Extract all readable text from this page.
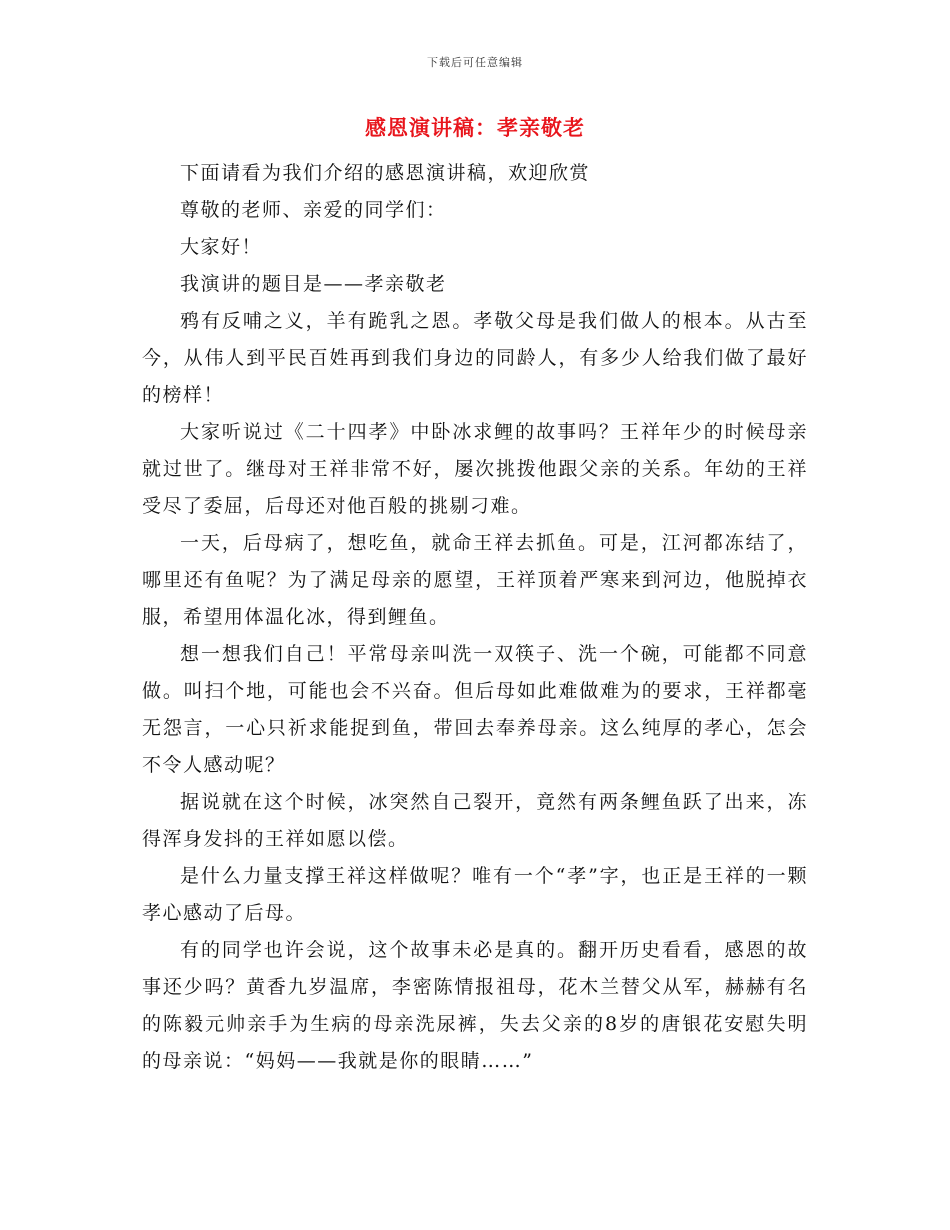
下载后可任意编辑
感恩演讲稿：孝亲敬老

下面请看为我们介绍的感恩演讲稿，欢迎欣赏

尊敬的老师、亲爱的同学们：

大家好！

我演讲的题目是——孝亲敬老

鸦有反哺之义，羊有跪乳之恩。孝敬父母是我们做人的根本。从古至今，从伟人到平民百姓再到我们身边的同龄人，有多少人给我们做了最好的榜样！

大家听说过《二十四孝》中卧冰求鲤的故事吗？王祥年少的时候母亲就过世了。继母对王祥非常不好，屡次挑拨他跟父亲的关系。年幼的王祥受尽了委屈，后母还对他百般的挑剔刁难。

一天，后母病了，想吃鱼，就命王祥去抓鱼。可是，江河都冻结了，哪里还有鱼呢？为了满足母亲的愿望，王祥顶着严寒来到河边，他脱掉衣服，希望用体温化冰，得到鲤鱼。

想一想我们自己！平常母亲叫洗一双筷子、洗一个碗，可能都不同意做。叫扫个地，可能也会不兴奋。但后母如此难做难为的要求，王祥都毫无怨言，一心只祈求能捉到鱼，带回去奉养母亲。这么纯厚的孝心，怎会不令人感动呢？

据说就在这个时候，冰突然自己裂开，竟然有两条鲤鱼跃了出来，冻得浑身发抖的王祥如愿以偿。

是什么力量支撑王祥这样做呢？唯有一个“孝”字，也正是王祥的一颗孝心感动了后母。

有的同学也许会说，这个故事未必是真的。翻开历史看看，感恩的故事还少吗？黄香九岁温席，李密陈情报祖母，花木兰替父从军，赫赫有名的陈毅元帅亲手为生病的母亲洗尿裤，失去父亲的8岁的唐银花安慰失明的母亲说：“妈妈——我就是你的眼睛……”
